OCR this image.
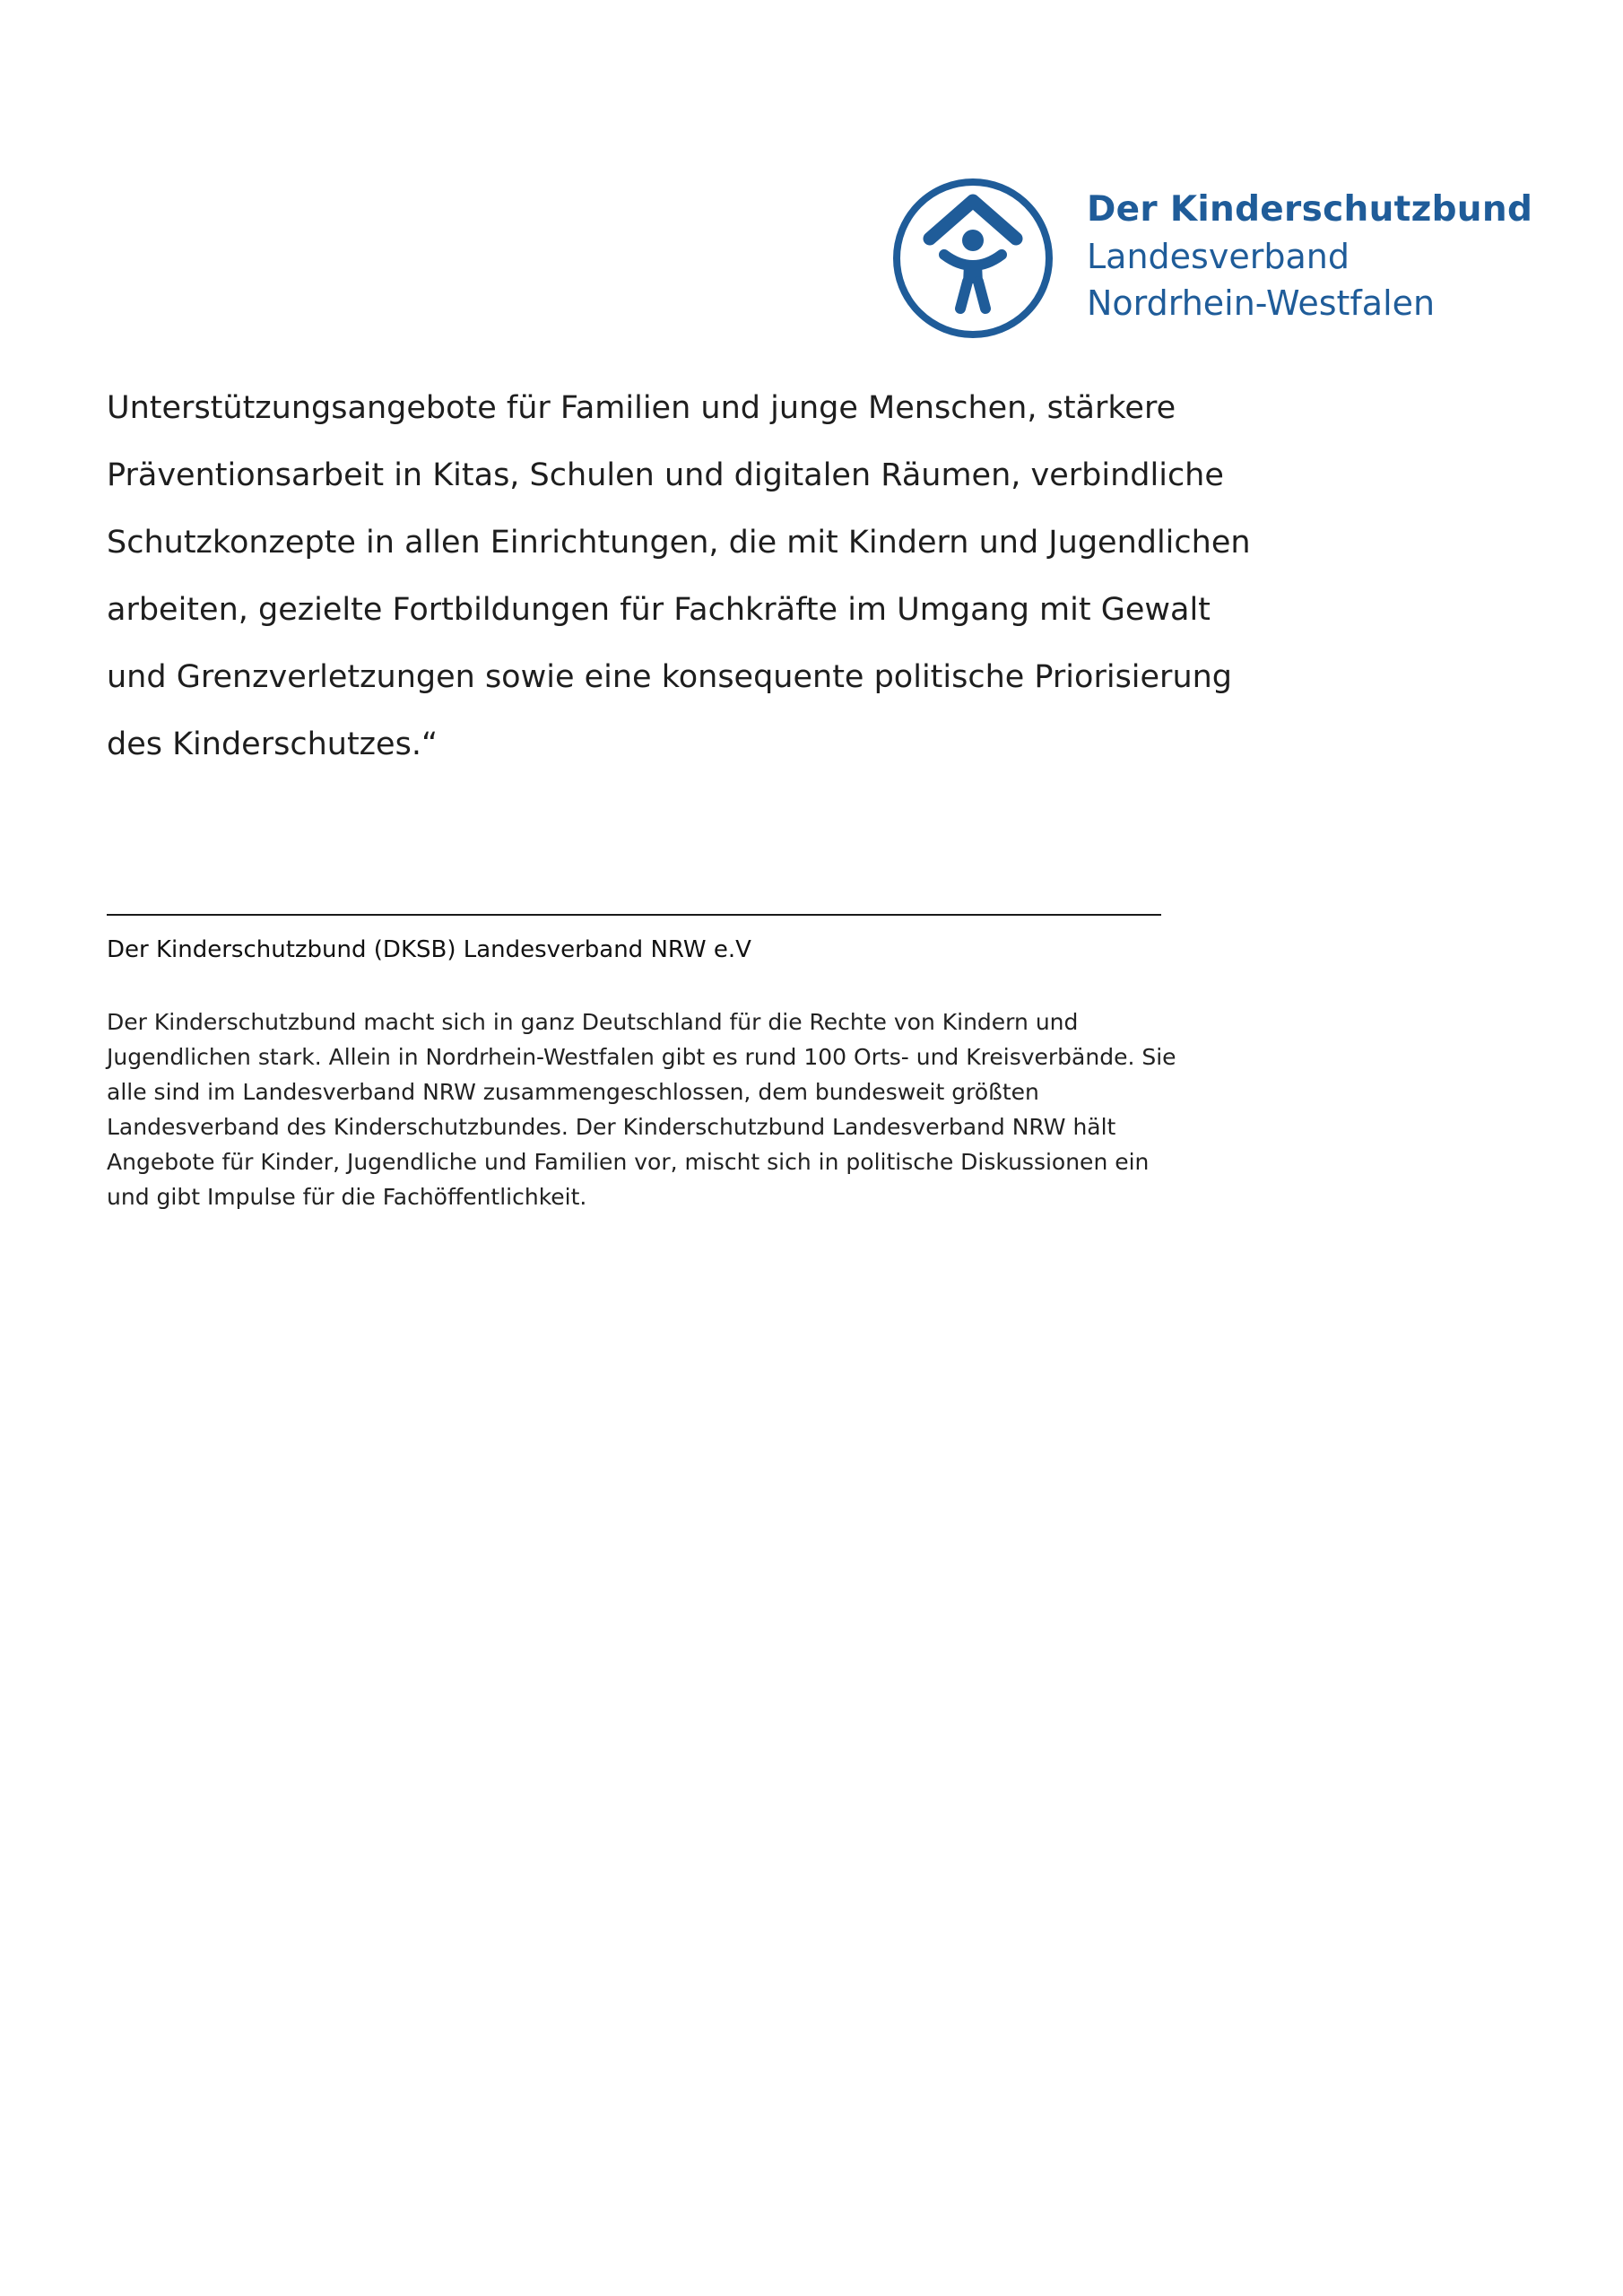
Der Kinderschutzbund
Landesverband
Nordrhein-Westfalen
Unterstützungsangebote für Familien und junge Menschen, stärkere
Präventionsarbeit in Kitas, Schulen und digitalen Räumen, verbindliche
Schutzkonzepte in allen Einrichtungen, die mit Kindern und Jugendlichen
arbeiten, gezielte Fortbildungen für Fachkräfte im Umgang mit Gewalt
und Grenzverletzungen sowie eine konsequente politische Priorisierung
des Kinderschutzes.“
Der Kinderschutzbund (DKSB) Landesverband NRW e.V
Der Kinderschutzbund macht sich in ganz Deutschland für die Rechte von Kindern und
Jugendlichen stark. Allein in Nordrhein-Westfalen gibt es rund 100 Orts- und Kreisverbände. Sie
alle sind im Landesverband NRW zusammengeschlossen, dem bundesweit größten
Landesverband des Kinderschutzbundes. Der Kinderschutzbund Landesverband NRW hält
Angebote für Kinder, Jugendliche und Familien vor, mischt sich in politische Diskussionen ein
und gibt Impulse für die Fachöffentlichkeit.
